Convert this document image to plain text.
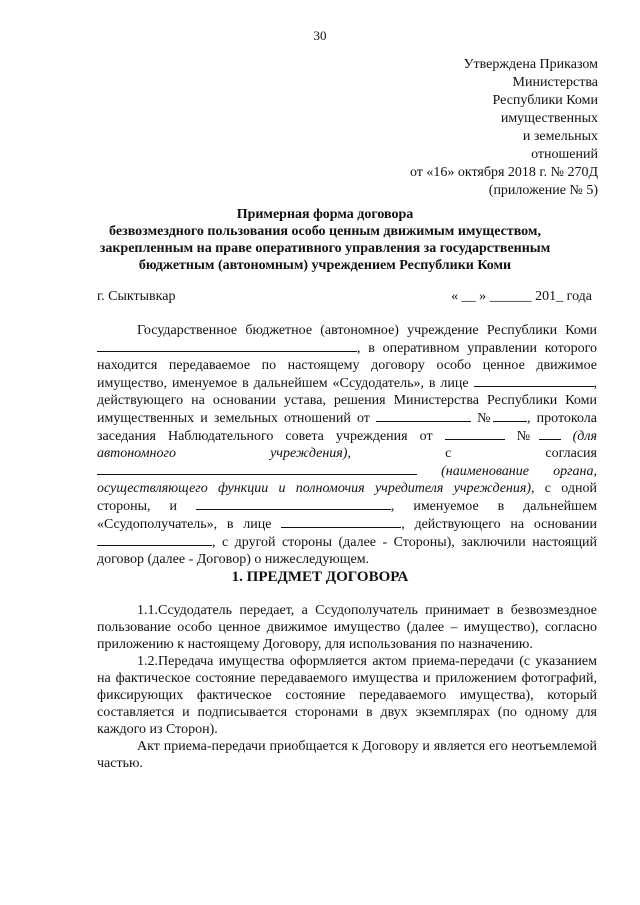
30
Утверждена Приказом
Министерства
Республики Коми
имущественных
и земельных
отношений
от «16» октября 2018 г. № 270Д
(приложение № 5)
Примерная форма договора
безвозмездного пользования особо ценным движимым имуществом,
закрепленным на праве оперативного управления за государственным
бюджетным (автономным) учреждением Республики Коми
г. Сыктывкар	« __ » ______ 201_ года

Государственное бюджетное (автономное) учреждение Республики Коми , в оперативном управлении которого находится передаваемое по настоящему договору особо ценное движимое имущество, именуемое в дальнейшем «Ссудодатель», в лице	, действующего на основании устава, решения Министерства Республики Коми имущественных и земельных отношений от	№ , протокола заседания Наблюдательного совета учреждения от	№ (для автономного учреждения), с согласия  (наименование органа, осуществляющего функции и полномочия учредителя учреждения), с одной стороны, и	, именуемое в дальнейшем «Ссудополучатель», в лице	, действующего на основании, с другой стороны (далее - Стороны), заключили настоящий договор (далее - Договор) о нижеследующем.

1. ПРЕДМЕТ ДОГОВОРА

1.1.Ссудодатель передает, а Ссудополучатель принимает в безвозмездное пользование особо ценное движимое имущество (далее – имущество), согласно приложению к настоящему Договору, для использования по назначению.

1.2.Передача имущества оформляется актом приема-передачи (с указанием на фактическое состояние передаваемого имущества и приложением фотографий, фиксирующих фактическое состояние передаваемого имущества), который составляется и подписывается сторонами в двух экземплярах (по одному для каждого из Сторон).

Акт приема-передачи приобщается к Договору и является его неотъемлемой частью.
